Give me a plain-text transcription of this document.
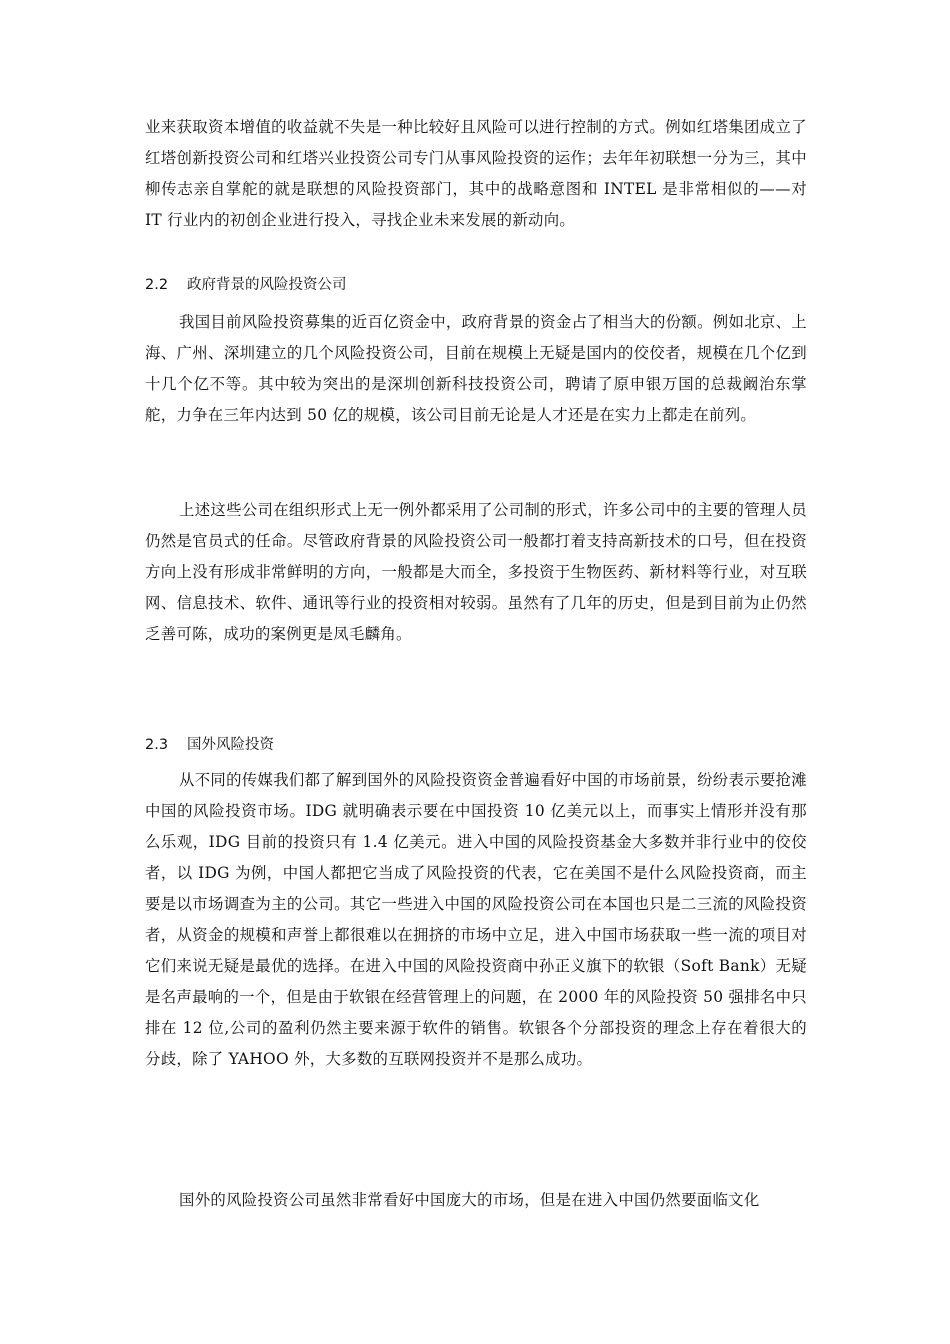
业来获取资本增值的收益就不失是一种比较好且风险可以进行控制的方式。例如红塔集团成立了红塔创新投资公司和红塔兴业投资公司专门从事风险投资的运作；去年年初联想一分为三，其中柳传志亲自掌舵的就是联想的风险投资部门，其中的战略意图和 INTEL 是非常相似的——对 IT 行业内的初创企业进行投入，寻找企业未来发展的新动向。

2.2 政府背景的风险投资公司

我国目前风险投资募集的近百亿资金中，政府背景的资金占了相当大的份额。例如北京、上海、广州、深圳建立的几个风险投资公司，目前在规模上无疑是国内的佼佼者，规模在几个亿到十几个亿不等。其中较为突出的是深圳创新科技投资公司，聘请了原申银万国的总裁阚治东掌舵，力争在三年内达到 50 亿的规模，该公司目前无论是人才还是在实力上都走在前列。

上述这些公司在组织形式上无一例外都采用了公司制的形式，许多公司中的主要的管理人员仍然是官员式的任命。尽管政府背景的风险投资公司一般都打着支持高新技术的口号，但在投资方向上没有形成非常鲜明的方向，一般都是大而全，多投资于生物医药、新材料等行业，对互联网、信息技术、软件、通讯等行业的投资相对较弱。虽然有了几年的历史，但是到目前为止仍然乏善可陈，成功的案例更是凤毛麟角。

2.3 国外风险投资

从不同的传媒我们都了解到国外的风险投资资金普遍看好中国的市场前景，纷纷表示要抢滩中国的风险投资市场。IDG 就明确表示要在中国投资 10 亿美元以上，而事实上情形并没有那么乐观，IDG 目前的投资只有 1.4 亿美元。进入中国的风险投资基金大多数并非行业中的佼佼者，以 IDG 为例，中国人都把它当成了风险投资的代表，它在美国不是什么风险投资商，而主要是以市场调查为主的公司。其它一些进入中国的风险投资公司在本国也只是二三流的风险投资者，从资金的规模和声誉上都很难以在拥挤的市场中立足，进入中国市场获取一些一流的项目对它们来说无疑是最优的选择。在进入中国的风险投资商中孙正义旗下的软银（Soft Bank）无疑是名声最响的一个，但是由于软银在经营管理上的问题，在 2000 年的风险投资 50 强排名中只排在 12 位,公司的盈利仍然主要来源于软件的销售。软银各个分部投资的理念上存在着很大的分歧，除了 YAHOO 外，大多数的互联网投资并不是那么成功。

国外的风险投资公司虽然非常看好中国庞大的市场，但是在进入中国仍然要面临文化
